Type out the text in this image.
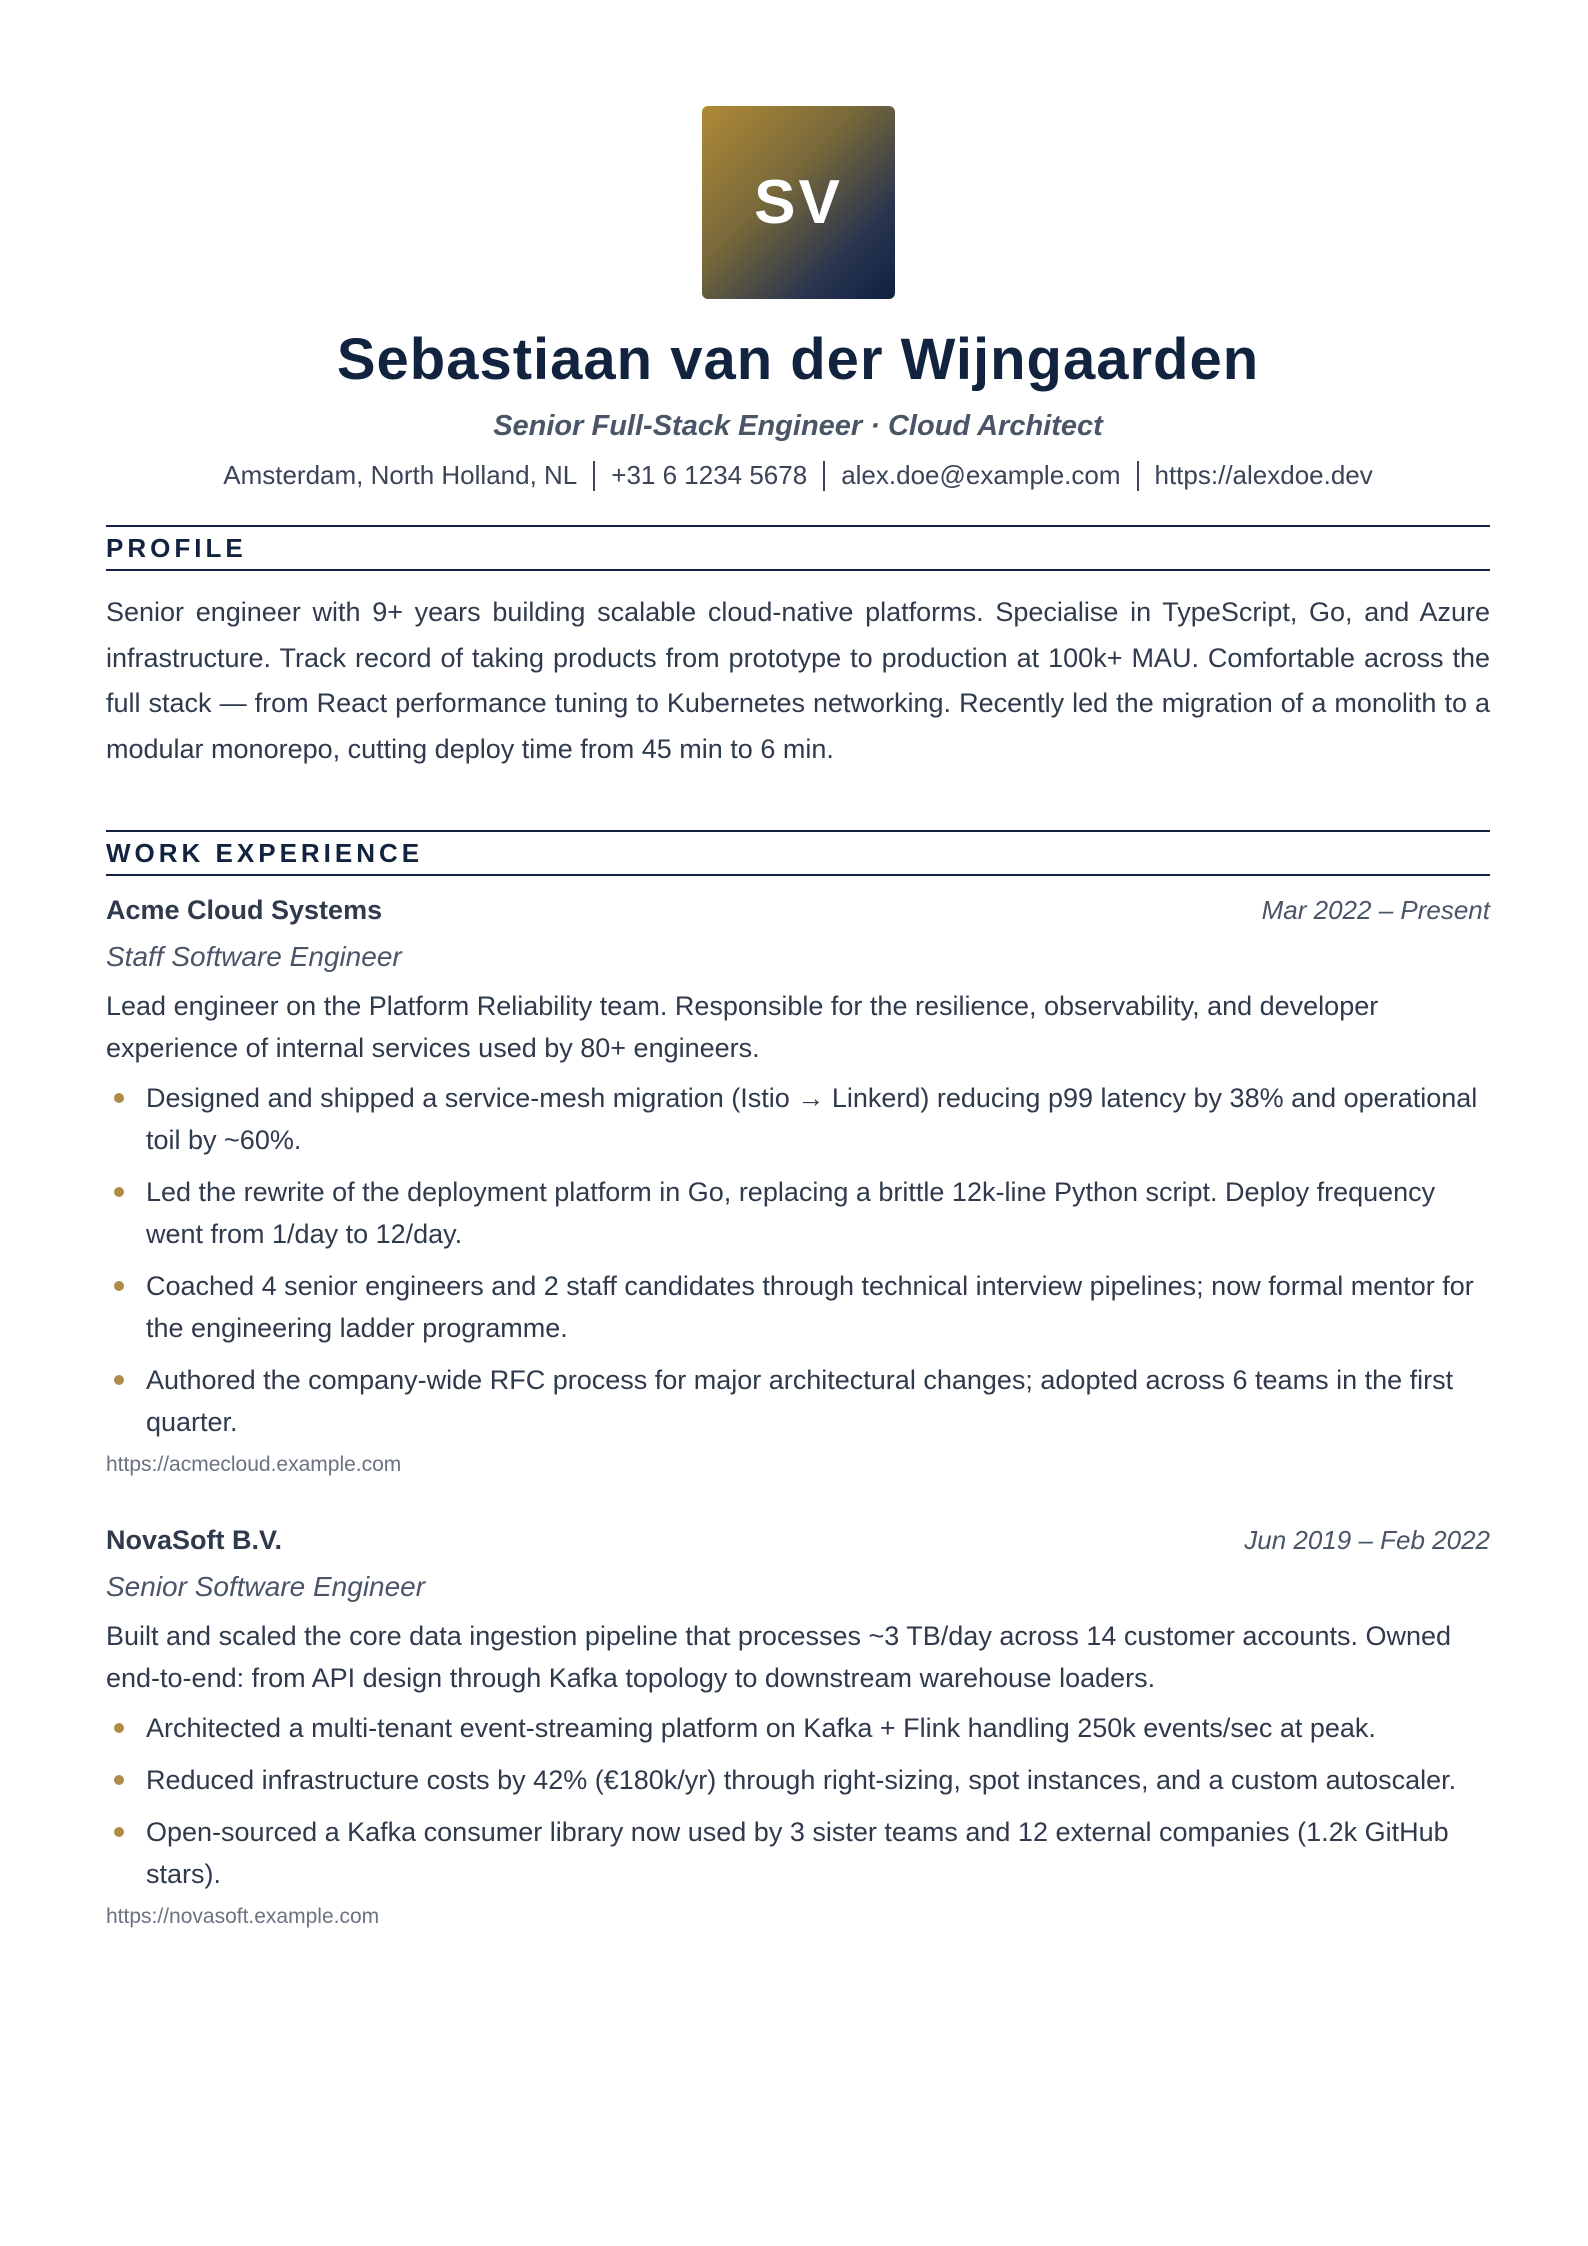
SV
Sebastiaan van der Wijngaarden
Senior Full-Stack Engineer · Cloud Architect
Amsterdam, North Holland, NL +31 6 1234 5678 alex.doe@example.com https://alexdoe.dev
PROFILE
Senior engineer with 9+ years building scalable cloud-native platforms. Specialise in TypeScript, Go, and Azure infrastructure. Track record of taking products from prototype to production at 100k+ MAU. Comfortable across the full stack — from React performance tuning to Kubernetes networking. Recently led the migration of a monolith to a modular monorepo, cutting deploy time from 45 min to 6 min.
WORK EXPERIENCE
Acme Cloud Systems	Mar 2022 – Present
Staff Software Engineer
Lead engineer on the Platform Reliability team. Responsible for the resilience, observability, and developer experience of internal services used by 80+ engineers.
Designed and shipped a service-mesh migration (Istio → Linkerd) reducing p99 latency by 38% and operational toil by ~60%.
Led the rewrite of the deployment platform in Go, replacing a brittle 12k-line Python script. Deploy frequency went from 1/day to 12/day.
Coached 4 senior engineers and 2 staff candidates through technical interview pipelines; now formal mentor for the engineering ladder programme.
Authored the company-wide RFC process for major architectural changes; adopted across 6 teams in the first quarter.
https://acmecloud.example.com
NovaSoft B.V.	Jun 2019 – Feb 2022
Senior Software Engineer
Built and scaled the core data ingestion pipeline that processes ~3 TB/day across 14 customer accounts. Owned end-to-end: from API design through Kafka topology to downstream warehouse loaders.
Architected a multi-tenant event-streaming platform on Kafka + Flink handling 250k events/sec at peak.
Reduced infrastructure costs by 42% (€180k/yr) through right-sizing, spot instances, and a custom autoscaler.
Open-sourced a Kafka consumer library now used by 3 sister teams and 12 external companies (1.2k GitHub stars).
https://novasoft.example.com
